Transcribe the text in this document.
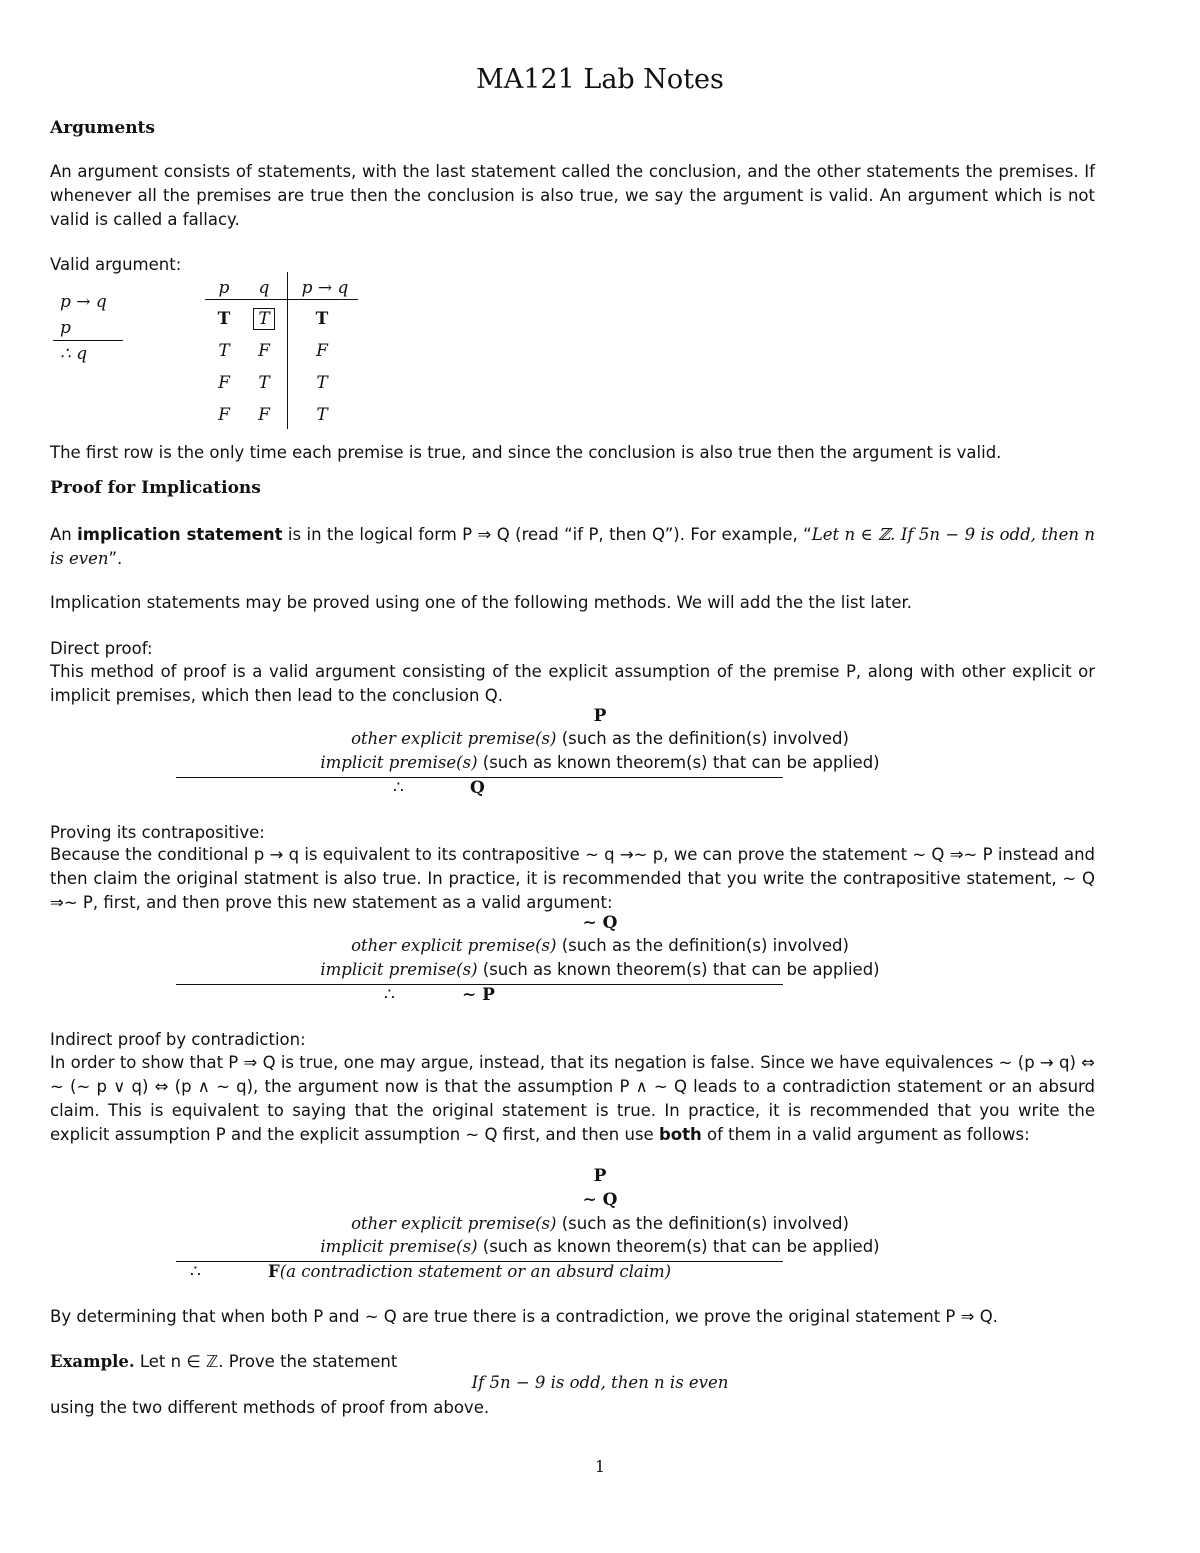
MA121 Lab Notes
Arguments

An argument consists of statements, with the last statement called the conclusion, and the other statements the premises. If whenever all the premises are true then the conclusion is also true, we say the argument is valid. An argument which is not valid is called a fallacy.

Valid argument:

p → q
p
∴ q
p	q	p → q
T	T	T
T	F	F
F	T	T
F	F	T

The first row is the only time each premise is true, and since the conclusion is also true then the argument is valid.

Proof for Implications

An implication statement is in the logical form P ⇒ Q (read “if P, then Q”). For example, “Let n ∈ ℤ. If 5n − 9 is odd, then n is even”.

Implication statements may be proved using one of the following methods. We will add the the list later.

Direct proof:

This method of proof is a valid argument consisting of the explicit assumption of the premise P, along with other explicit or implicit premises, which then lead to the conclusion Q.

P
other explicit premise(s) (such as the definition(s) involved)
implicit premise(s) (such as known theorem(s) that can be applied)
∴	Q

Proving its contrapositive:

Because the conditional p → q is equivalent to its contrapositive ∼ q →∼ p, we can prove the statement ∼ Q ⇒∼ P instead and then claim the original statment is also true. In practice, it is recommended that you write the contrapositive statement, ∼ Q ⇒∼ P, first, and then prove this new statement as a valid argument:

∼ Q
other explicit premise(s) (such as the definition(s) involved)
implicit premise(s) (such as known theorem(s) that can be applied)
∴	∼ P

Indirect proof by contradiction:

In order to show that P ⇒ Q is true, one may argue, instead, that its negation is false. Since we have equivalences ∼ (p → q) ⇔ ∼ (∼ p ∨ q) ⇔ (p ∧ ∼ q), the argument now is that the assumption P ∧ ∼ Q leads to a contradiction statement or an absurd claim. This is equivalent to saying that the original statement is true. In practice, it is recommended that you write the explicit assumption P and the explicit assumption ∼ Q first, and then use both of them in a valid argument as follows:

P
∼ Q
other explicit premise(s) (such as the definition(s) involved)
implicit premise(s) (such as known theorem(s) that can be applied)
∴	F(a contradiction statement or an absurd claim)

By determining that when both P and ∼ Q are true there is a contradiction, we prove the original statement P ⇒ Q.

Example. Let n ∈ ℤ. Prove the statement

If 5n − 9 is odd, then n is even

using the two different methods of proof from above.

1
